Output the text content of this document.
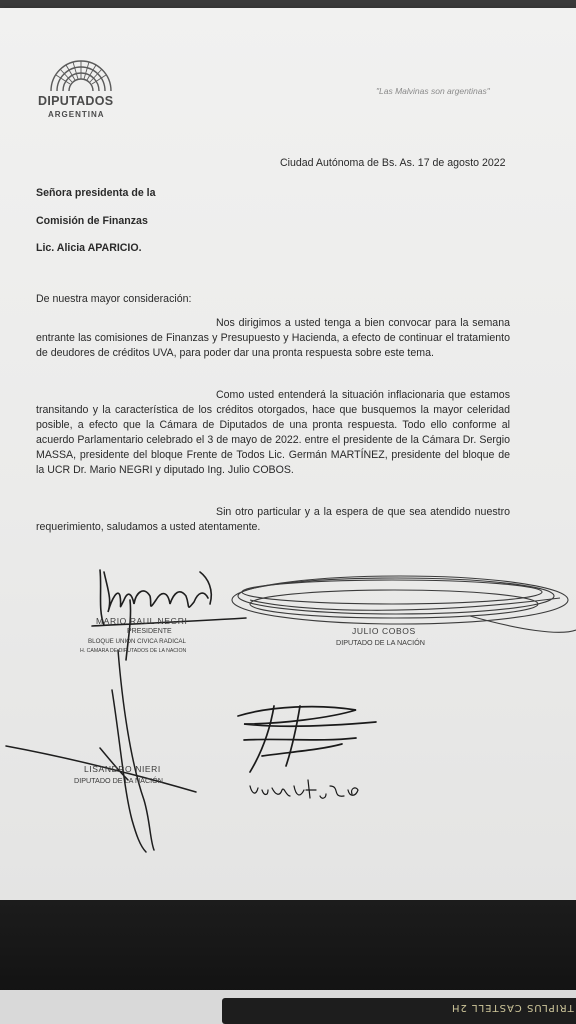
DIPUTADOS
ARGENTINA
"Las Malvinas son argentinas"
Ciudad Autónoma de Bs. As. 17 de agosto 2022
Señora presidenta de la
Comisión de Finanzas
Lic. Alicia APARICIO.
De nuestra mayor consideración:
Nos dirigimos a usted tenga a bien convocar para la semana entrante las comisiones de Finanzas y Presupuesto y Hacienda, a efecto de continuar el tratamiento de deudores de créditos UVA, para poder dar una pronta respuesta sobre este tema.
Como usted entenderá la situación inflacionaria que estamos transitando y la característica de los créditos otorgados, hace que busquemos la mayor celeridad posible, a efecto que la Cámara de Diputados de una pronta respuesta. Todo ello conforme al acuerdo Parlamentario celebrado el 3 de mayo de 2022. entre el presidente de la Cámara Dr. Sergio MASSA, presidente del bloque Frente de Todos Lic. Germán MARTÍNEZ, presidente del bloque de la UCR Dr. Mario NEGRI y diputado Ing. Julio COBOS.
Sin otro particular y a la espera de que sea atendido nuestro requerimiento, saludamos a usted atentamente.
MARIO RAUL NEGRI
PRESIDENTE
BLOQUE UNION CIVICA RADICAL
H. CAMARA DE DIPUTADOS DE LA NACION
JULIO COBOS
DIPUTADO DE LA NACIÓN
LISANDRO NIERI
DIPUTADO DE LA NACIÓN
TRIPLUS CASTELL 2H
